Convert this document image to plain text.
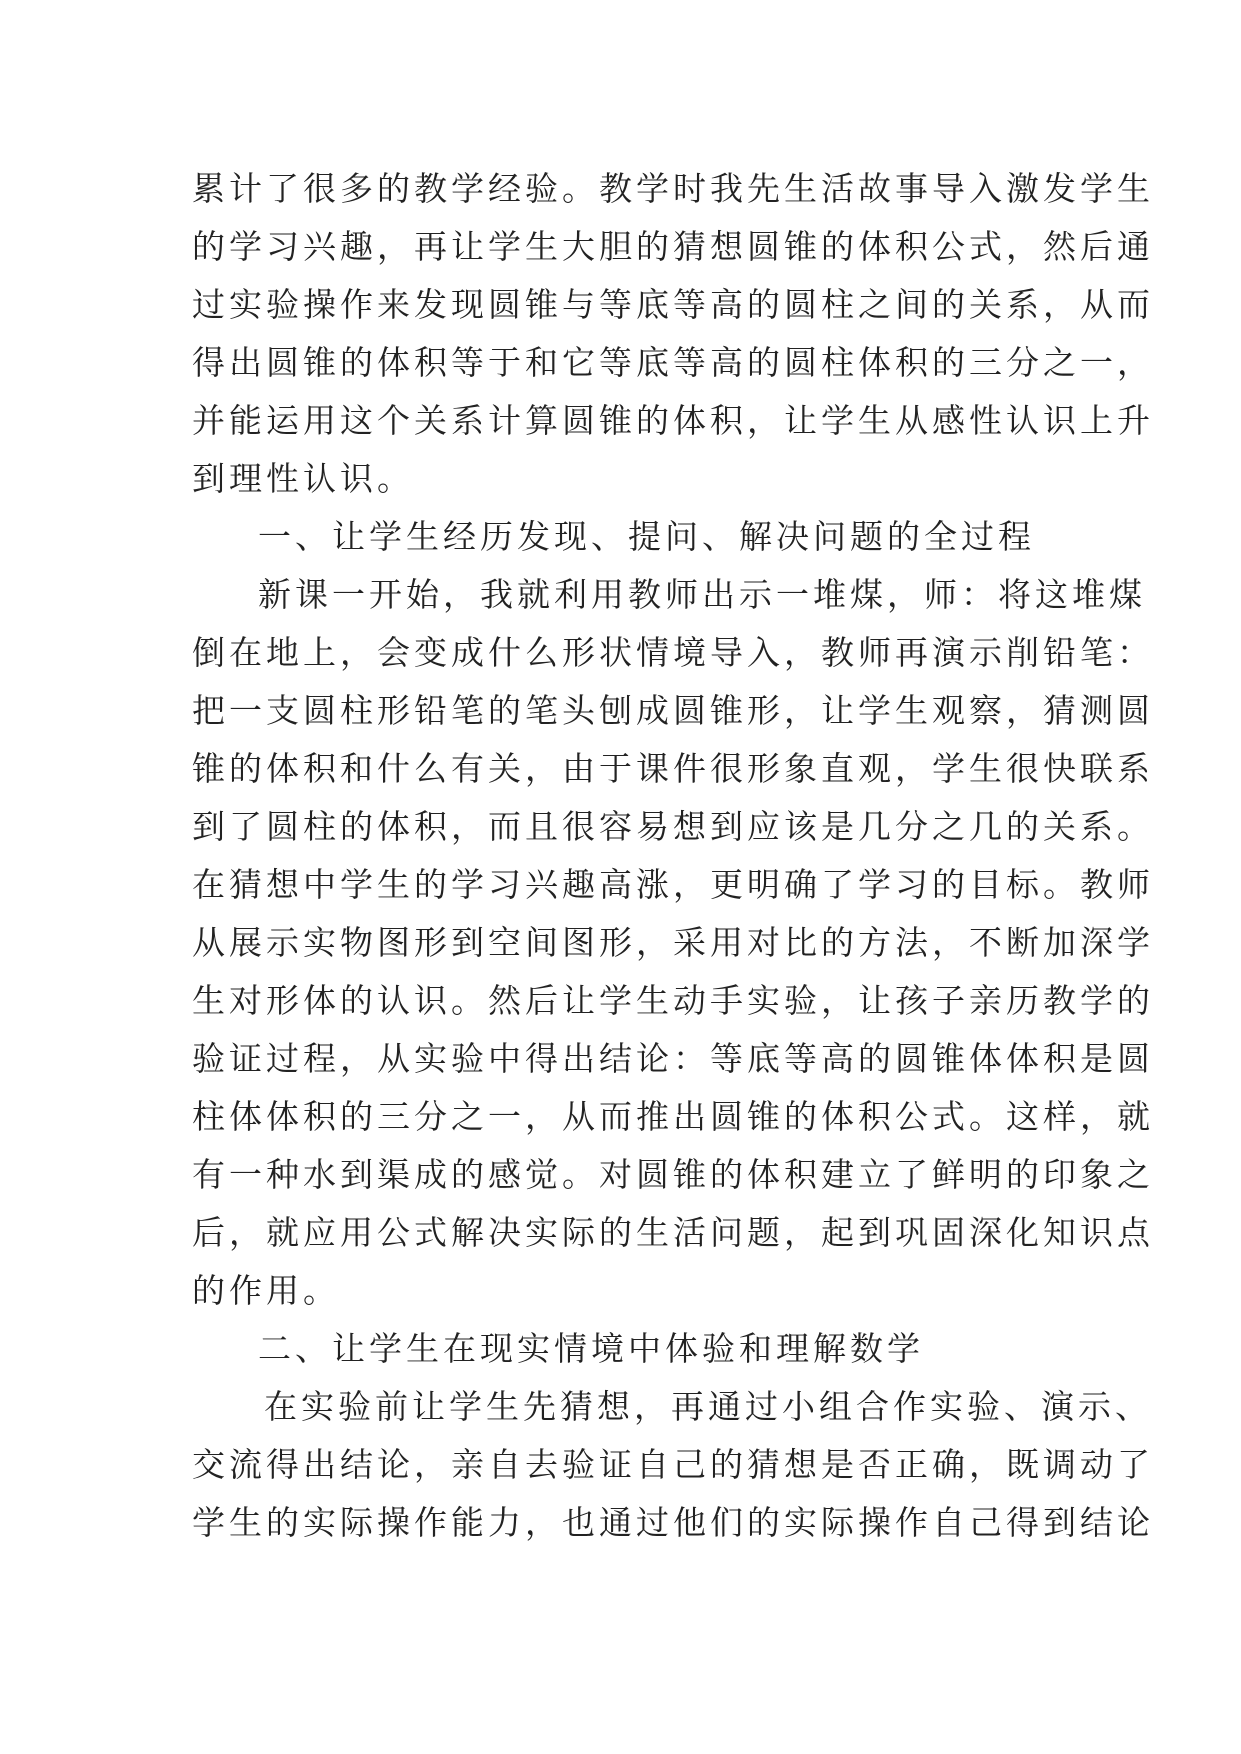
累计了很多的教学经验。教学时我先生活故事导入激发学生
的学习兴趣，再让学生大胆的猜想圆锥的体积公式，然后通
过实验操作来发现圆锥与等底等高的圆柱之间的关系，从而
得出圆锥的体积等于和它等底等高的圆柱体积的三分之一，
并能运用这个关系计算圆锥的体积，让学生从感性认识上升
到理性认识。
一、让学生经历发现、提问、解决问题的全过程
新课一开始，我就利用教师出示一堆煤，师：将这堆煤
倒在地上，会变成什么形状情境导入，教师再演示削铅笔：
把一支圆柱形铅笔的笔头刨成圆锥形，让学生观察，猜测圆
锥的体积和什么有关，由于课件很形象直观，学生很快联系
到了圆柱的体积，而且很容易想到应该是几分之几的关系。
在猜想中学生的学习兴趣高涨，更明确了学习的目标。教师
从展示实物图形到空间图形，采用对比的方法，不断加深学
生对形体的认识。然后让学生动手实验，让孩子亲历教学的
验证过程，从实验中得出结论：等底等高的圆锥体体积是圆
柱体体积的三分之一，从而推出圆锥的体积公式。这样，就
有一种水到渠成的感觉。对圆锥的体积建立了鲜明的印象之
后，就应用公式解决实际的生活问题，起到巩固深化知识点
的作用。
二、让学生在现实情境中体验和理解数学
在实验前让学生先猜想，再通过小组合作实验、演示、
交流得出结论，亲自去验证自己的猜想是否正确，既调动了
学生的实际操作能力，也通过他们的实际操作自己得到结论
